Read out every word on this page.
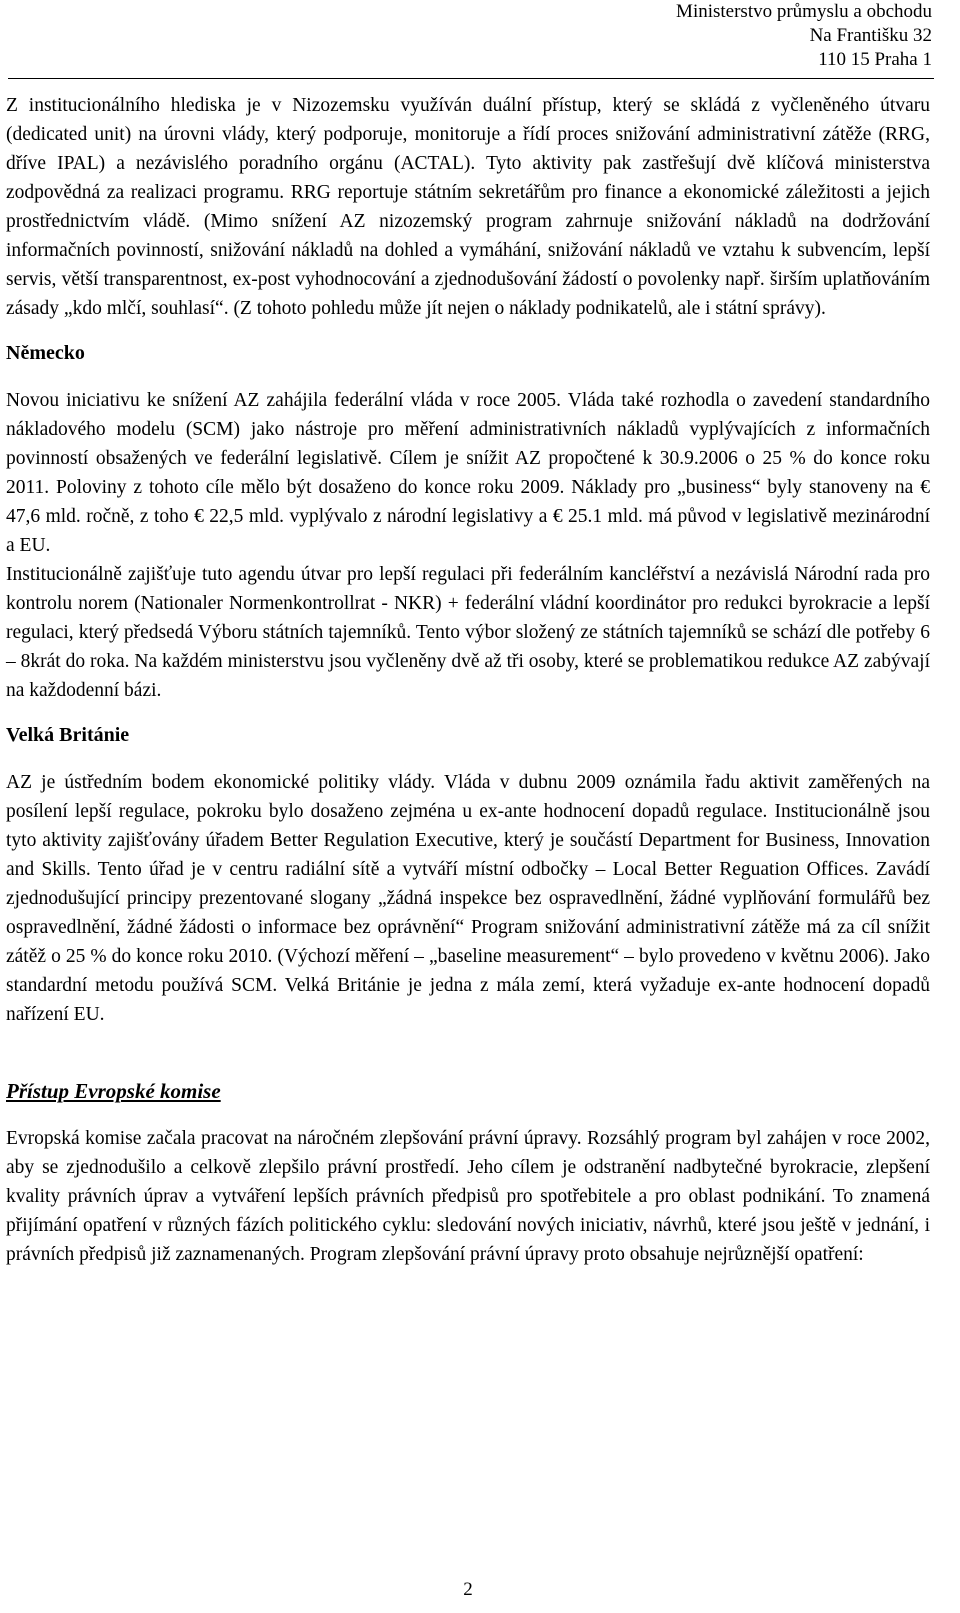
Ministerstvo průmyslu a obchodu
Na Františku 32
110 15 Praha 1

Z institucionálního hlediska je v Nizozemsku využíván duální přístup, který se skládá z vyčleněného útvaru (dedicated unit) na úrovni vlády, který podporuje, monitoruje a řídí proces snižování administrativní zátěže (RRG, dříve IPAL) a nezávislého poradního orgánu (ACTAL). Tyto aktivity pak zastřešují dvě klíčová ministerstva zodpovědná za realizaci programu. RRG reportuje státním sekretářům pro finance a ekonomické záležitosti a jejich prostřednictvím vládě. (Mimo snížení AZ nizozemský program zahrnuje snižování nákladů na dodržování informačních povinností, snižování nákladů na dohled a vymáhání, snižování nákladů ve vztahu k subvencím, lepší servis, větší transparentnost, ex-post vyhodnocování a zjednodušování žádostí o povolenky např. širším uplatňováním zásady „kdo mlčí, souhlasí“. (Z tohoto pohledu může jít nejen o náklady podnikatelů, ale i státní správy).

Německo

Novou iniciativu ke snížení AZ zahájila federální vláda v roce 2005. Vláda také rozhodla o zavedení standardního nákladového modelu (SCM) jako nástroje pro měření administrativních nákladů vyplývajících z informačních povinností obsažených ve federální legislativě. Cílem je snížit AZ propočtené k 30.9.2006 o 25 % do konce roku 2011. Poloviny z tohoto cíle mělo být dosaženo do konce roku 2009. Náklady pro „business“ byly stanoveny na € 47,6 mld. ročně, z toho € 22,5 mld. vyplývalo z národní legislativy a € 25.1 mld. má původ v legislativě mezinárodní a EU.

Institucionálně zajišťuje tuto agendu útvar pro lepší regulaci při federálním kancléřství a nezávislá Národní rada pro kontrolu norem (Nationaler Normenkontrollrat - NKR) + federální vládní koordinátor pro redukci byrokracie a lepší regulaci, který předsedá Výboru státních tajemníků. Tento výbor složený ze státních tajemníků se schází dle potřeby 6 – 8krát do roka. Na každém ministerstvu jsou vyčleněny dvě až tři osoby, které se problematikou redukce AZ zabývají na každodenní bázi.

Velká Británie

AZ je ústředním bodem ekonomické politiky vlády. Vláda v dubnu 2009 oznámila řadu aktivit zaměřených na posílení lepší regulace, pokroku bylo dosaženo zejména u ex-ante hodnocení dopadů regulace. Institucionálně jsou tyto aktivity zajišťovány úřadem Better Regulation Executive, který je součástí Department for Business, Innovation and Skills. Tento úřad je v centru radiální sítě a vytváří místní odbočky – Local Better Reguation Offices. Zavádí zjednodušující principy prezentované slogany „žádná inspekce bez ospravedlnění, žádné vyplňování formulářů bez ospravedlnění, žádné žádosti o informace bez oprávnění“ Program snižování administrativní zátěže má za cíl snížit zátěž o 25 % do konce roku 2010. (Výchozí měření – „baseline measurement“ – bylo provedeno v květnu 2006). Jako standardní metodu používá SCM. Velká Británie je jedna z mála zemí, která vyžaduje ex-ante hodnocení dopadů nařízení EU.

Přístup Evropské komise

Evropská komise začala pracovat na náročném zlepšování právní úpravy. Rozsáhlý program byl zahájen v roce 2002, aby se zjednodušilo a celkově zlepšilo právní prostředí. Jeho cílem je odstranění nadbytečné byrokracie, zlepšení kvality právních úprav a vytváření lepších právních předpisů pro spotřebitele a pro oblast podnikání. To znamená přijímání opatření v různých fázích politického cyklu: sledování nových iniciativ, návrhů, které jsou ještě v jednání, i právních předpisů již zaznamenaných. Program zlepšování právní úpravy proto obsahuje nejrůznější opatření:

2
